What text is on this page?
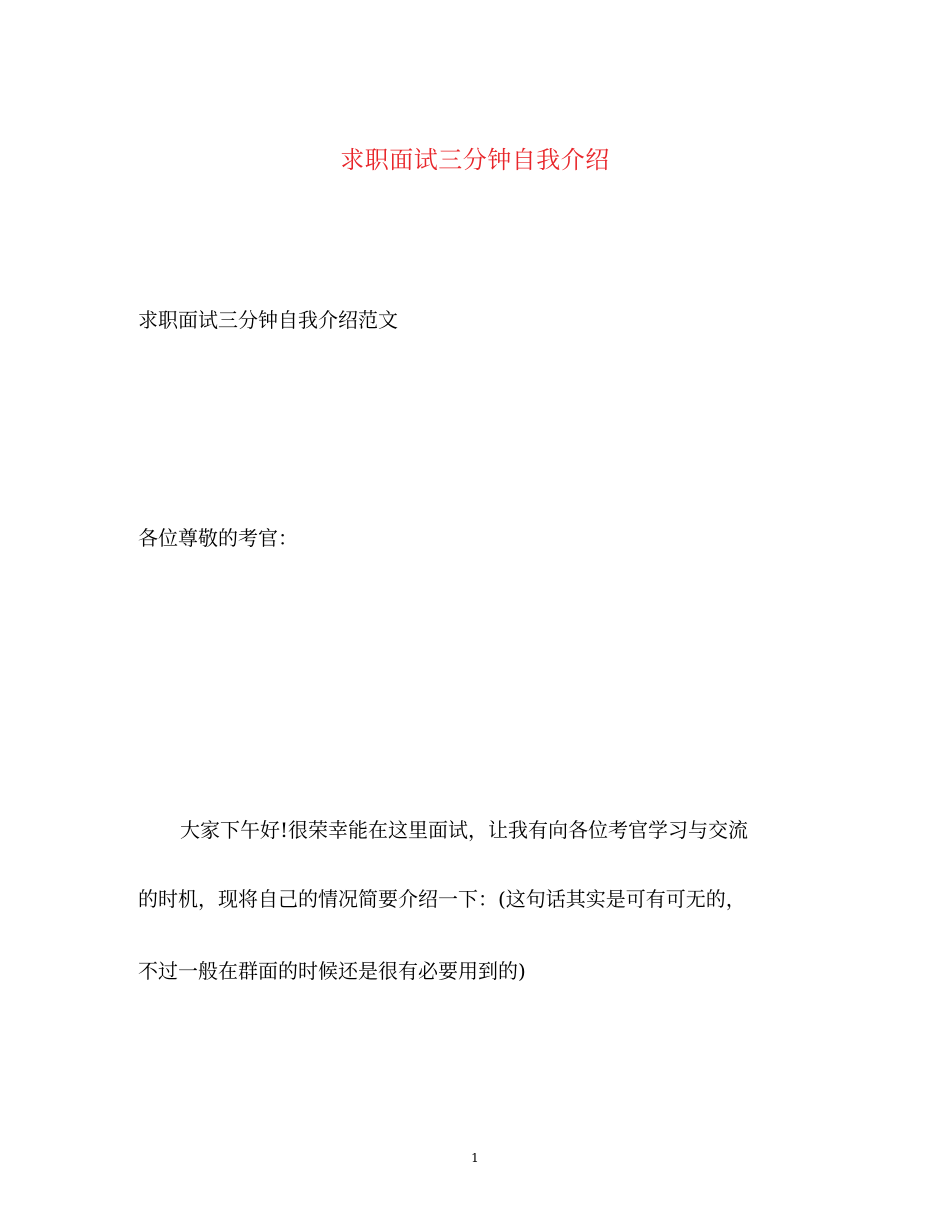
求职面试三分钟自我介绍
求职面试三分钟自我介绍范文
各位尊敬的考官：
大家下午好!很荣幸能在这里面试，让我有向各位考官学习与交流
的时机，现将自己的情况简要介绍一下：(这句话其实是可有可无的，
不过一般在群面的时候还是很有必要用到的)
1
